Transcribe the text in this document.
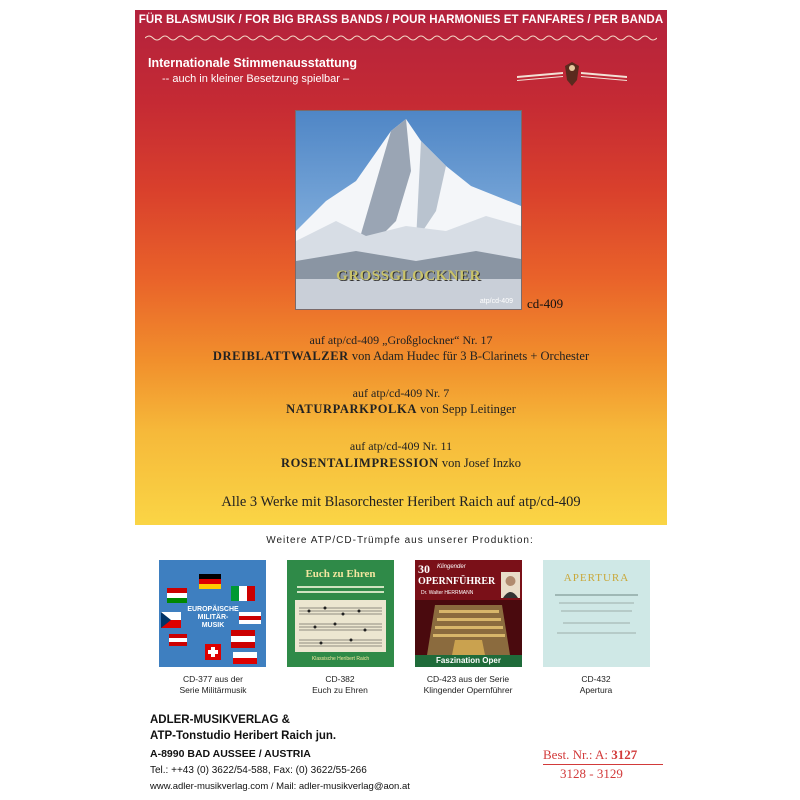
FÜR BLASMUSIK / FOR BIG BRASS BANDS / POUR HARMONIES ET FANFARES / PER BANDA
Internationale Stimmenausstattung
-- auch in kleiner Besetzung spielbar –
GROSSGLOCKNER
atp/cd-409 cd-409
auf atp/cd-409 „Großglockner“ Nr. 17
DREIBLATTWALZER von Adam Hudec für 3 B-Clarinets + Orchester
auf atp/cd-409 Nr. 7
NATURPARKPOLKA von Sepp Leitinger
auf atp/cd-409 Nr. 11
ROSENTALIMPRESSION von Josef Inzko
Alle 3 Werke mit Blasorchester Heribert Raich auf atp/cd-409
Weitere ATP/CD-Trümpfe aus unserer Produktion:
EUROPÄISCHE MILITÄR- MUSIK
CD-377 aus der
Serie Militärmusik
Euch zu Ehren
Klassische Heribert Raich
CD-382
Euch zu Ehren
30 Klingender
OPERNFÜHRER
Dr. Walter HERRMANN
Faszination Oper
CD-423 aus der Serie
Klingender Opernführer
APERTURA
CD-432
Apertura
ADLER-MUSIKVERLAG &
ATP-Tonstudio Heribert Raich jun.
A-8990 BAD AUSSEE / AUSTRIA
Tel.: ++43 (0) 3622/54-588, Fax: (0) 3622/55-266
www.adler-musikverlag.com / Mail: adler-musikverlag@aon.at
Best. Nr.: A: 3127
3128 - 3129
